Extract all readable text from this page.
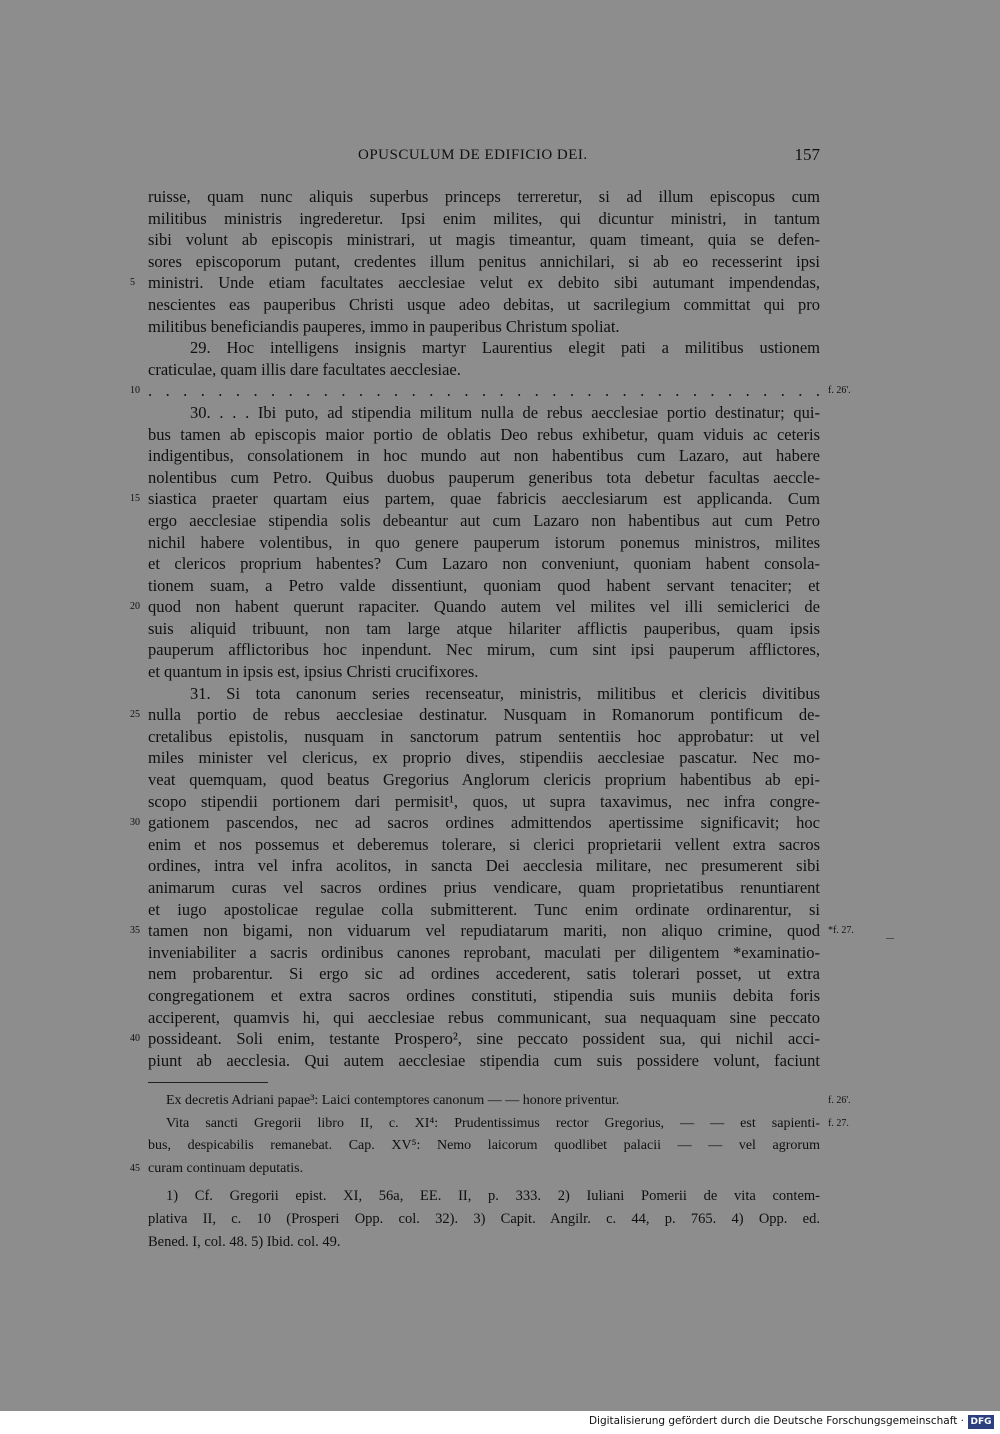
OPUSCULUM DE EDIFICIO DEI.	157
ruisse, quam nunc aliquis superbus princeps terreretur, si ad illum episcopus cum
militibus ministris ingrederetur. Ipsi enim milites, qui dicuntur ministri, in tantum
sibi volunt ab episcopis ministrari, ut magis timeantur, quam timeant, quia se defen-
sores episcoporum putant, credentes illum penitus annichilari, si ab eo recesserint ipsi
5 ministri. Unde etiam facultates aecclesiae velut ex debito sibi autumant impendendas,
nescientes eas pauperibus Christi usque adeo debitas, ut sacrilegium committat qui pro
militibus beneficiandis pauperes, immo in pauperibus Christum spoliat.
29. Hoc intelligens insignis martyr Laurentius elegit pati a militibus ustionem
craticulae, quam illis dare facultates aecclesiae.
10 . . . . . . . . . . . . . . . . . . . . . . . . . . . . . . . . . . . . . . . f. 26'.
30. . . . Ibi puto, ad stipendia militum nulla de rebus aecclesiae portio destinatur; qui-
bus tamen ab episcopis maior portio de oblatis Deo rebus exhibetur, quam viduis ac ceteris
indigentibus, consolationem in hoc mundo aut non habentibus cum Lazaro, aut habere
nolentibus cum Petro. Quibus duobus pauperum generibus tota debetur facultas aeccle-
15 siastica praeter quartam eius partem, quae fabricis aecclesiarum est applicanda. Cum
ergo aecclesiae stipendia solis debeantur aut cum Lazaro non habentibus aut cum Petro
nichil habere volentibus, in quo genere pauperum istorum ponemus ministros, milites
et clericos proprium habentes? Cum Lazaro non conveniunt, quoniam habent consola-
tionem suam, a Petro valde dissentiunt, quoniam quod habent servant tenaciter; et
20 quod non habent querunt rapaciter. Quando autem vel milites vel illi semiclerici de
suis aliquid tribuunt, non tam large atque hilariter afflictis pauperibus, quam ipsis
pauperum afflictoribus hoc inpendunt. Nec mirum, cum sint ipsi pauperum afflictores,
et quantum in ipsis est, ipsius Christi crucifixores.
31. Si tota canonum series recenseatur, ministris, militibus et clericis divitibus
25 nulla portio de rebus aecclesiae destinatur. Nusquam in Romanorum pontificum de-
cretalibus epistolis, nusquam in sanctorum patrum sententiis hoc approbatur: ut vel
miles minister vel clericus, ex proprio dives, stipendiis aecclesiae pascatur. Nec mo-
veat quemquam, quod beatus Gregorius Anglorum clericis proprium habentibus ab epi-
scopo stipendii portionem dari permisit¹, quos, ut supra taxavimus, nec infra congre-
30 gationem pascendos, nec ad sacros ordines admittendos apertissime significavit; hoc
enim et nos possemus et deberemus tolerare, si clerici proprietarii vellent extra sacros
ordines, intra vel infra acolitos, in sancta Dei aecclesia militare, nec presumerent sibi
animarum curas vel sacros ordines prius vendicare, quam proprietatibus renuntiarent
et iugo apostolicae regulae colla submitterent. Tunc enim ordinate ordinarentur, si
35 tamen non bigami, non viduarum vel repudiatarum mariti, non aliquo crimine, quod *f. 27.
inveniabiliter a sacris ordinibus canones reprobant, maculati per diligentem *examinatio-
nem probarentur. Si ergo sic ad ordines accederent, satis tolerari posset, ut extra
congregationem et extra sacros ordines constituti, stipendia suis muniis debita foris
acciperent, quamvis hi, qui aecclesiae rebus communicant, sua nequaquam sine peccato
40 possideant. Soli enim, testante Prospero², sine peccato possident sua, qui nichil acci-
piunt ab aecclesia. Qui autem aecclesiae stipendia cum suis possidere volunt, faciunt
Ex decretis Adriani papae³: Laici contemptores canonum — — honore priventur.	f. 26'.
Vita sancti Gregorii libro II, c. XI⁴: Prudentissimus rector Gregorius, — — est sapienti- f. 27.
bus, despicabilis remanebat. Cap. XV⁵: Nemo laicorum quodlibet palacii — — vel agrorum
45 curam continuam deputatis.
1) Cf. Gregorii epist. XI, 56a, EE. II, p. 333. 2) Iuliani Pomerii de vita contem-
plativa II, c. 10 (Prosperi Opp. col. 32). 3) Capit. Angilr. c. 44, p. 765. 4) Opp. ed.
Bened. I, col. 48. 5) Ibid. col. 49.
Digitalisierung gefördert durch die Deutsche Forschungsgemeinschaft · DFG
